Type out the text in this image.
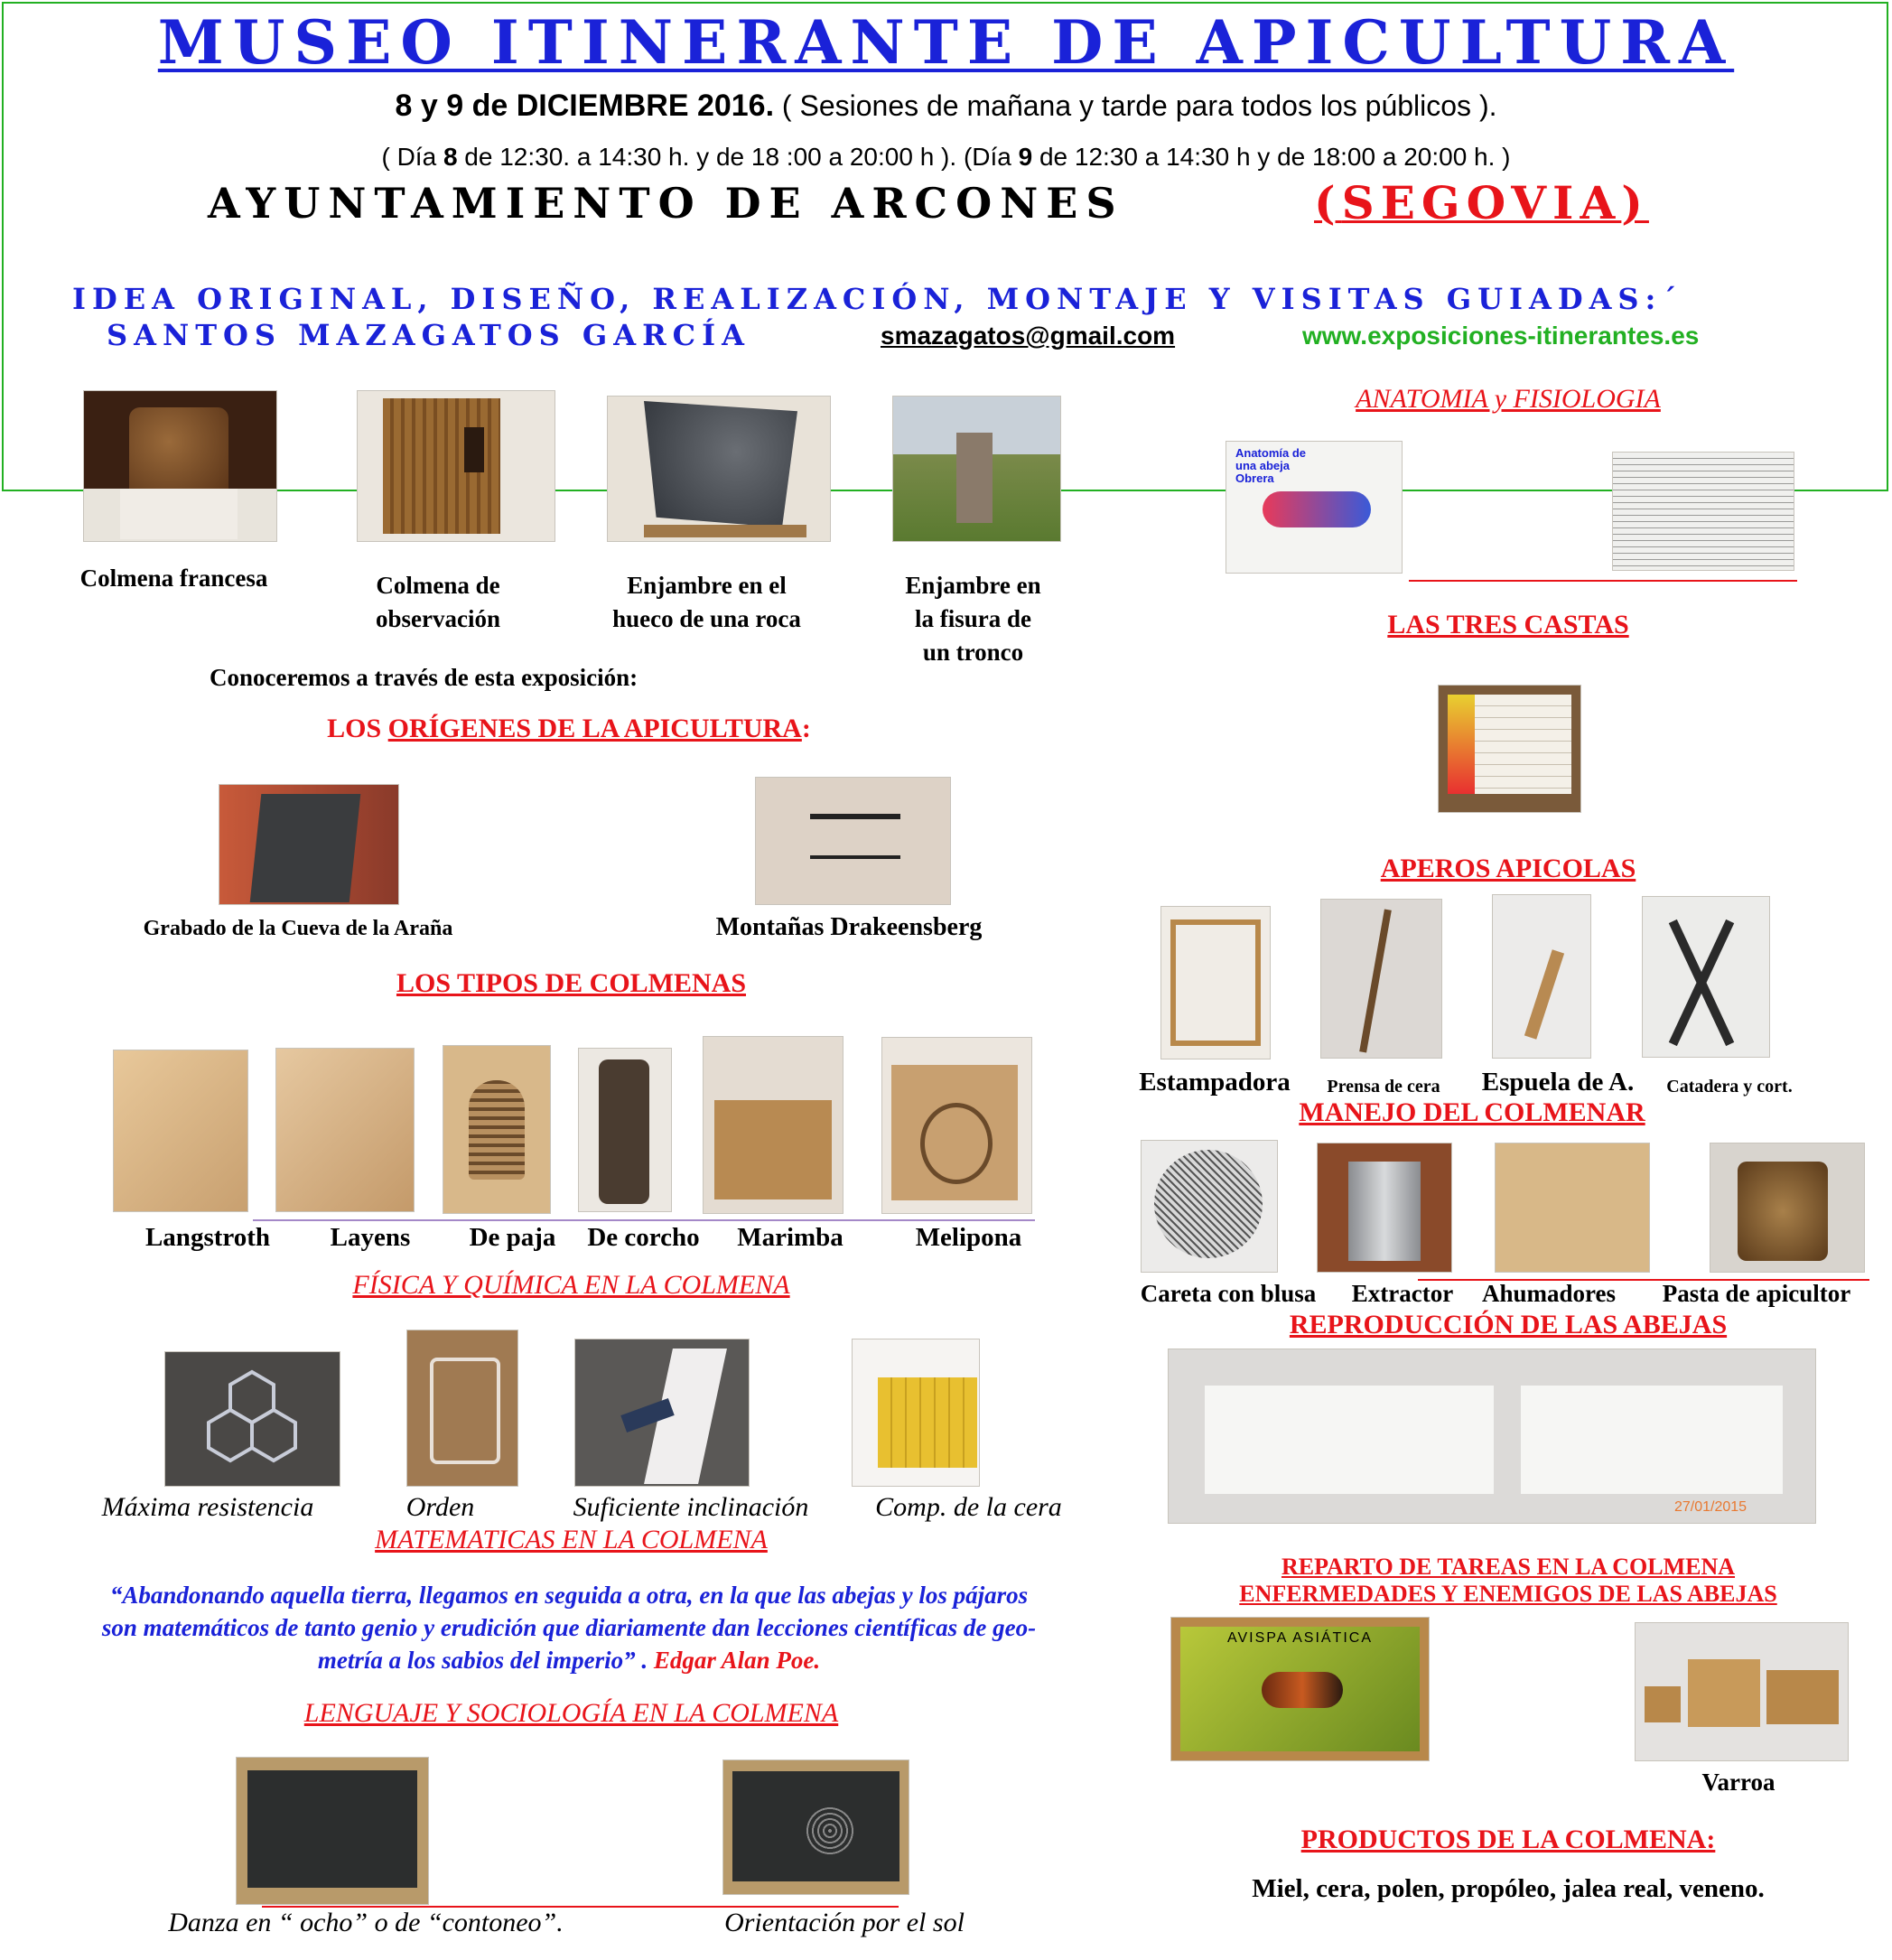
MUSEO ITINERANTE DE APICULTURA
8 y 9 de DICIEMBRE 2016. ( Sesiones de mañana y tarde para todos los públicos ).
( Día 8 de 12:30. a 14:30 h. y de 18 :00 a 20:00 h ). (Día 9 de 12:30 a 14:30 h y de 18:00 a 20:00 h. )
AYUNTAMIENTO DE ARCONES	(SEGOVIA)
IDEA ORIGINAL, DISEÑO, REALIZACIÓN, MONTAJE Y VISITAS GUIADAS:´
SANTOS MAZAGATOS GARCÍA	smazagatos@gmail.com	www.exposiciones-itinerantes.es
Colmena francesa	Colmena de
observación
Enjambre en el
hueco de una roca
Enjambre en
la fisura de
un tronco
Conoceremos a través de esta exposición:
LOS ORÍGENES DE LA APICULTURA:
Grabado de la Cueva de la Araña	Montañas Drakeensberg
LOS TIPOS DE COLMENAS
Langstroth	Layens	De paja	De corcho	Marimba	Melipona
FÍSICA Y QUÍMICA EN LA COLMENA
Máxima resistencia	Orden	Suficiente inclinación	Comp. de la cera
MATEMATICAS EN LA COLMENA
“Abandonando aquella tierra, llegamos en seguida a otra, en la que las abejas y los pájaros
son matemáticos de tanto genio y erudición que diariamente dan lecciones científicas de geo-
metría a los sabios del imperio” . Edgar Alan Poe.
LENGUAJE Y SOCIOLOGÍA EN LA COLMENA
Danza en “ ocho” o de “contoneo”.	Orientación por el sol
ANATOMIA y FISIOLOGIA
Anatomía de una abeja Obrera
LAS TRES CASTAS
APEROS APICOLAS
Estampadora	Prensa de cera	Espuela de A.	Catadera y cort.
MANEJO DEL COLMENAR
Careta con blusa	Extractor	Ahumadores	Pasta de apicultor
REPRODUCCIÓN DE LAS ABEJAS
27/01/2015
REPARTO DE TAREAS EN LA COLMENA
ENFERMEDADES Y ENEMIGOS DE LAS ABEJAS
AVISPA ASIÁTICA
Varroa
PRODUCTOS DE LA COLMENA:
Miel, cera, polen, propóleo, jalea real, veneno.
